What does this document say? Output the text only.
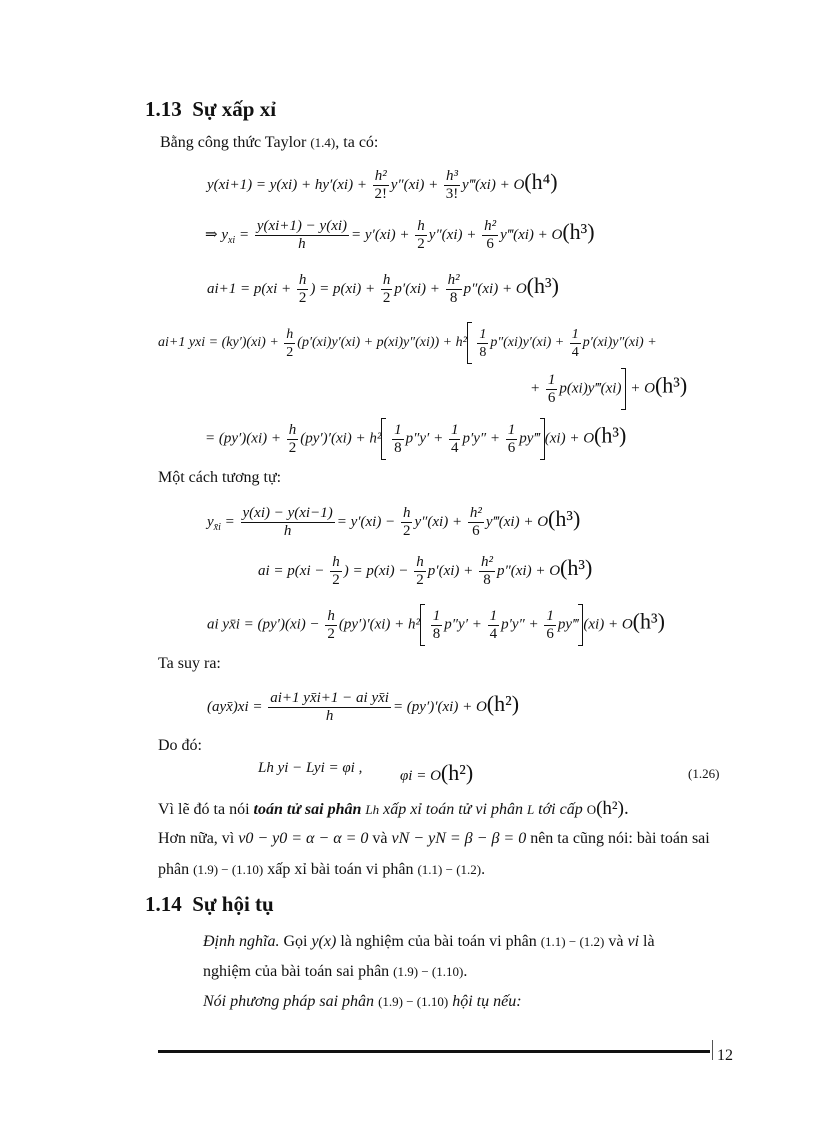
1.13 Sự xấp xỉ
Bằng công thức Taylor (1.4), ta có:
$y(xi+1) = y(xi) + hy'(xi) + \frac{\text{h²}}{2!} y''(xi) + \frac{\text{h³}}{3!}$ y‴(xi) + O(h⁴)
⇒ $y_{xi} = \frac{y(xi+1) - y(xi)}{h} = y'(xi) + \frac{h}{2} y''(xi) + \frac{\text{h²}}{6}$ y‴(xi) + O(h³)
$ai+1 = p(xi + \frac{h}{2}$ ) = $p(xi) + \frac{h}{2} p'(xi) + \frac{\text{h²}}{8} p''(xi) + O(h^3)$
ai+1 yxi = $(ky')(xi) + \frac{h}{2} (p'(xi)y'(xi) + p(xi)y''(xi)) + h^2 \frac{1}{8} p''(xi)y'(xi) + \frac{1}{4} p'(xi)y''(xi)$ +
+ $\frac{1}{6}$ p(xi)y‴(xi) + O(h³)
= $(py')(xi) + \frac{h}{2} (py')'(xi) + h^2 \frac{1}{8} p''y' + \frac{1}{4} p'y'' + \frac{1}{6}$ py‴ (xi) + O(h³)
Một cách tương tự:
$y_{x̄i} = \frac{y(xi) - y(xi-1)}{h} = y'(xi) - \frac{h}{2} y''(xi) + \frac{\text{h²}}{6}$ y‴(xi) + O(h³)
ai = $p(xi - \frac{h}{2}$ ) = $p(xi) - \frac{h}{2} p'(xi) + \frac{\text{h²}}{8} p''(xi) + O(h^3)$
ai yx̄i = $(py')(xi) - \frac{h}{2} (py')'(xi) + h^2 \frac{1}{8} p''y' + \frac{1}{4} p'y'' + \frac{1}{6}$ py‴ (xi) + O(h³)
Ta suy ra:
(ayx̄)xi = $\frac{\text{ai+1 yx̄i+1 − ai yx̄i}}{h} = (py')'(xi) + O(h^2)$
Do đó:
Lh yi − Lyi = φi ,	φi = O(h²)	(1.26)
Vì lẽ đó ta nói toán tử sai phân Lh xấp xỉ toán tử vi phân L tới cấp O(h²).
Hơn nữa, vì v0 − y0 = α − α = 0 và vN − yN = β − β = 0 nên ta cũng nói: bài toán sai
phân (1.9) − (1.10) xấp xỉ bài toán vi phân (1.1) − (1.2).
1.14 Sự hội tụ
Định nghĩa. Gọi y(x) là nghiệm của bài toán vi phân (1.1) − (1.2) và vi là
nghiệm của bài toán sai phân (1.9) − (1.10).
Nói phương pháp sai phân (1.9) − (1.10) hội tụ nếu:
12
